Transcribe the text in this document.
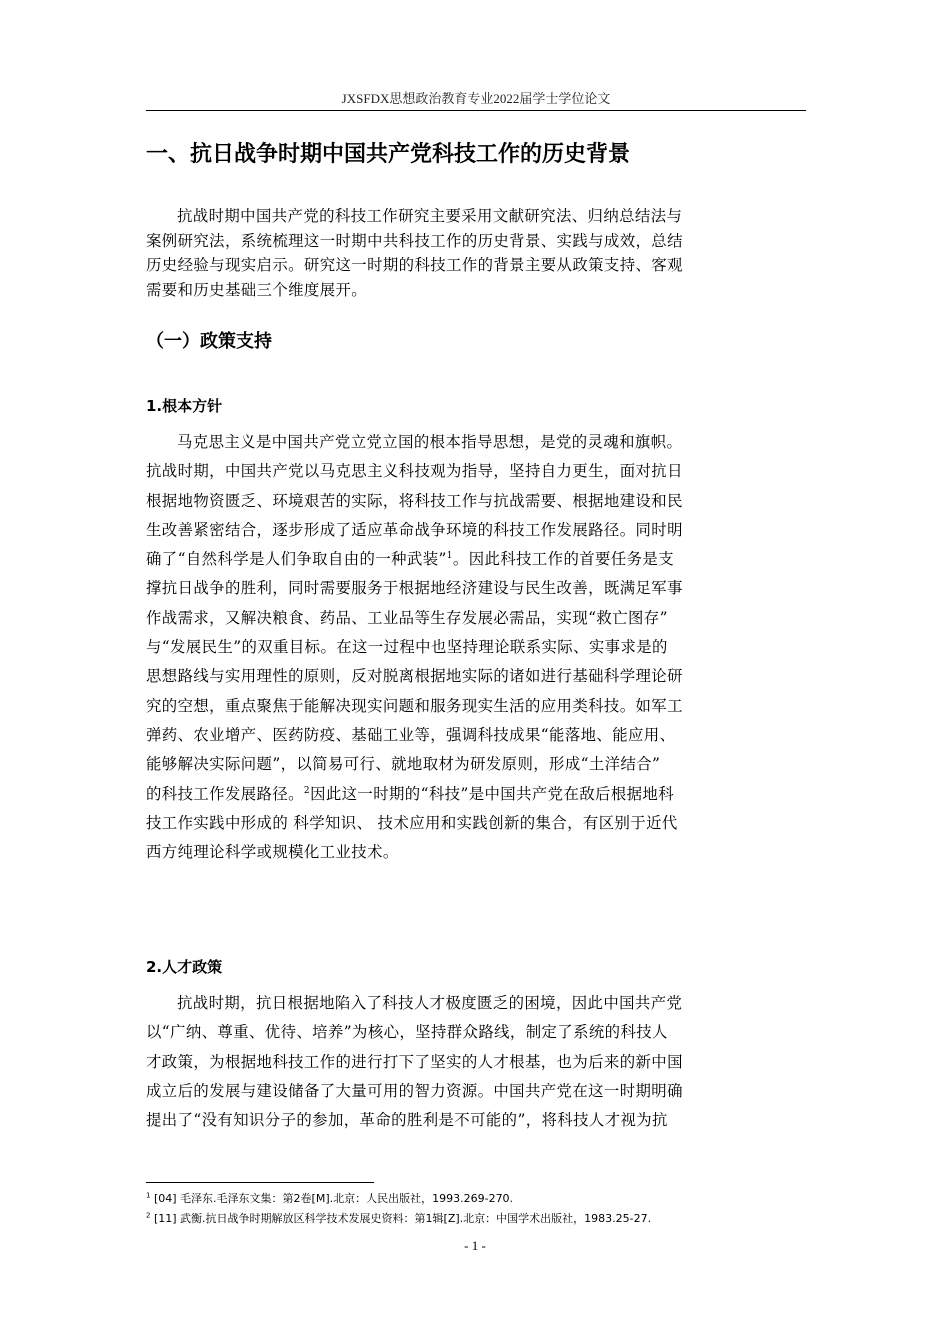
JXSFDX思想政治教育专业2022届学士学位论文
一、抗日战争时期中国共产党科技工作的历史背景
抗战时期中国共产党的科技工作研究主要采用文献研究法、归纳总结法与
案例研究法，系统梳理这一时期中共科技工作的历史背景、实践与成效，总结
历史经验与现实启示。研究这一时期的科技工作的背景主要从政策支持、客观
需要和历史基础三个维度展开。
（一）政策支持
1.根本方针
马克思主义是中国共产党立党立国的根本指导思想，是党的灵魂和旗帜。
抗战时期，中国共产党以马克思主义科技观为指导，坚持自力更生，面对抗日
根据地物资匮乏、环境艰苦的实际，将科技工作与抗战需要、根据地建设和民
生改善紧密结合，逐步形成了适应革命战争环境的科技工作发展路径。同时明
确了“自然科学是人们争取自由的一种武装”$^1$。因此科技工作的首要任务是支
撑抗日战争的胜利，同时需要服务于根据地经济建设与民生改善，既满足军事
作战需求，又解决粮食、药品、工业品等生存发展必需品，实现“救亡图存”
与“发展民生”的双重目标。在这一过程中也坚持理论联系实际、实事求是的
思想路线与实用理性的原则，反对脱离根据地实际的诸如进行基础科学理论研
究的空想，重点聚焦于能解决现实问题和服务现实生活的应用类科技。如军工
弹药、农业增产、医药防疫、基础工业等，强调科技成果“能落地、能应用、
能够解决实际问题”，以简易可行、就地取材为研发原则，形成“土洋结合”
的科技工作发展路径。$^2$因此这一时期的“科技”是中国共产党在敌后根据地科
技工作实践中形成的 科学知识、 技术应用和实践创新的集合，有区别于近代
西方纯理论科学或规模化工业技术。
2.人才政策
抗战时期，抗日根据地陷入了科技人才极度匮乏的困境，因此中国共产党
以“广纳、尊重、优待、培养”为核心，坚持群众路线，制定了系统的科技人
才政策，为根据地科技工作的进行打下了坚实的人才根基，也为后来的新中国
成立后的发展与建设储备了大量可用的智力资源。中国共产党在这一时期明确
提出了“没有知识分子的参加，革命的胜利是不可能的”，将科技人才视为抗

$^1$ [04] 毛泽东.毛泽东文集：第2卷[M].北京：人民出版社，1993.269-270.

$^2$ [11] 武衡.抗日战争时期解放区科学技术发展史资料：第1辑[Z].北京：中国学术出版社，1983.25-27.

- 1 -
